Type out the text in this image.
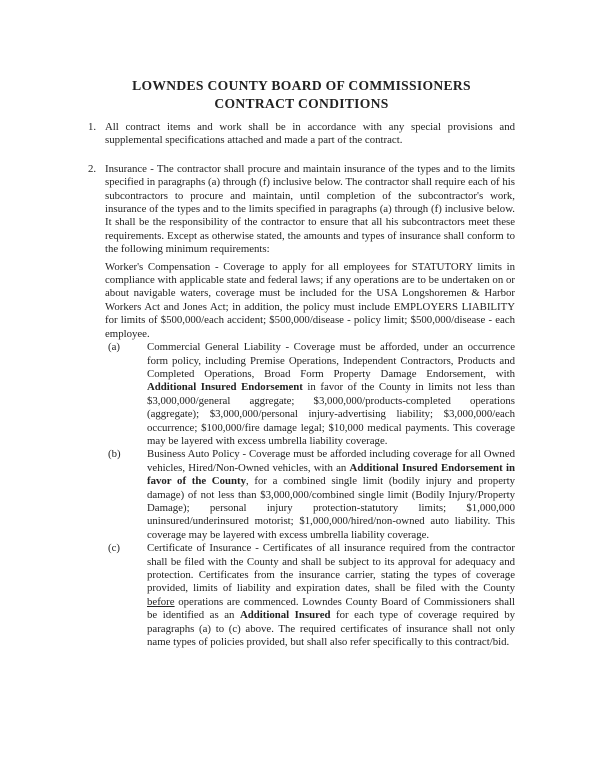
LOWNDES COUNTY BOARD OF COMMISSIONERS
CONTRACT CONDITIONS
1. All contract items and work shall be in accordance with any special provisions and supplemental specifications attached and made a part of the contract.
2. Insurance - The contractor shall procure and maintain insurance of the types and to the limits specified in paragraphs (a) through (f) inclusive below. The contractor shall require each of his subcontractors to procure and maintain, until completion of the subcontractor's work, insurance of the types and to the limits specified in paragraphs (a) through (f) inclusive below. It shall be the responsibility of the contractor to ensure that all his subcontractors meet these requirements. Except as otherwise stated, the amounts and types of insurance shall conform to the following minimum requirements:

Worker's Compensation - Coverage to apply for all employees for STATUTORY limits in compliance with applicable state and federal laws; if any operations are to be undertaken on or about navigable waters, coverage must be included for the USA Longshoremen & Harbor Workers Act and Jones Act; in addition, the policy must include EMPLOYERS LIABILITY for limits of $500,000/each accident; $500,000/disease - policy limit; $500,000/disease - each employee.

(a)	Commercial General Liability - Coverage must be afforded, under an occurrence form policy, including Premise Operations, Independent Contractors, Products and Completed Operations, Broad Form Property Damage Endorsement, with Additional Insured Endorsement in favor of the County in limits not less than $3,000,000/general aggregate; $3,000,000/products-completed operations (aggregate); $3,000,000/personal injury-advertising liability; $3,000,000/each occurrence; $100,000/fire damage legal; $10,000 medical payments. This coverage may be layered with excess umbrella liability coverage.
(b)	Business Auto Policy - Coverage must be afforded including coverage for all Owned vehicles, Hired/Non-Owned vehicles, with an Additional Insured Endorsement in favor of the County, for a combined single limit (bodily injury and property damage) of not less than $3,000,000/combined single limit (Bodily Injury/Property Damage); personal injury protection-statutory limits; $1,000,000 uninsured/underinsured motorist; $1,000,000/hired/non-owned auto liability. This coverage may be layered with excess umbrella liability coverage.
(c)	Certificate of Insurance - Certificates of all insurance required from the contractor shall be filed with the County and shall be subject to its approval for adequacy and protection. Certificates from the insurance carrier, stating the types of coverage provided, limits of liability and expiration dates, shall be filed with the County before operations are commenced. Lowndes County Board of Commissioners shall be identified as an Additional Insured for each type of coverage required by paragraphs (a) to (c) above. The required certificates of insurance shall not only name types of policies provided, but shall also refer specifically to this contract/bid.
